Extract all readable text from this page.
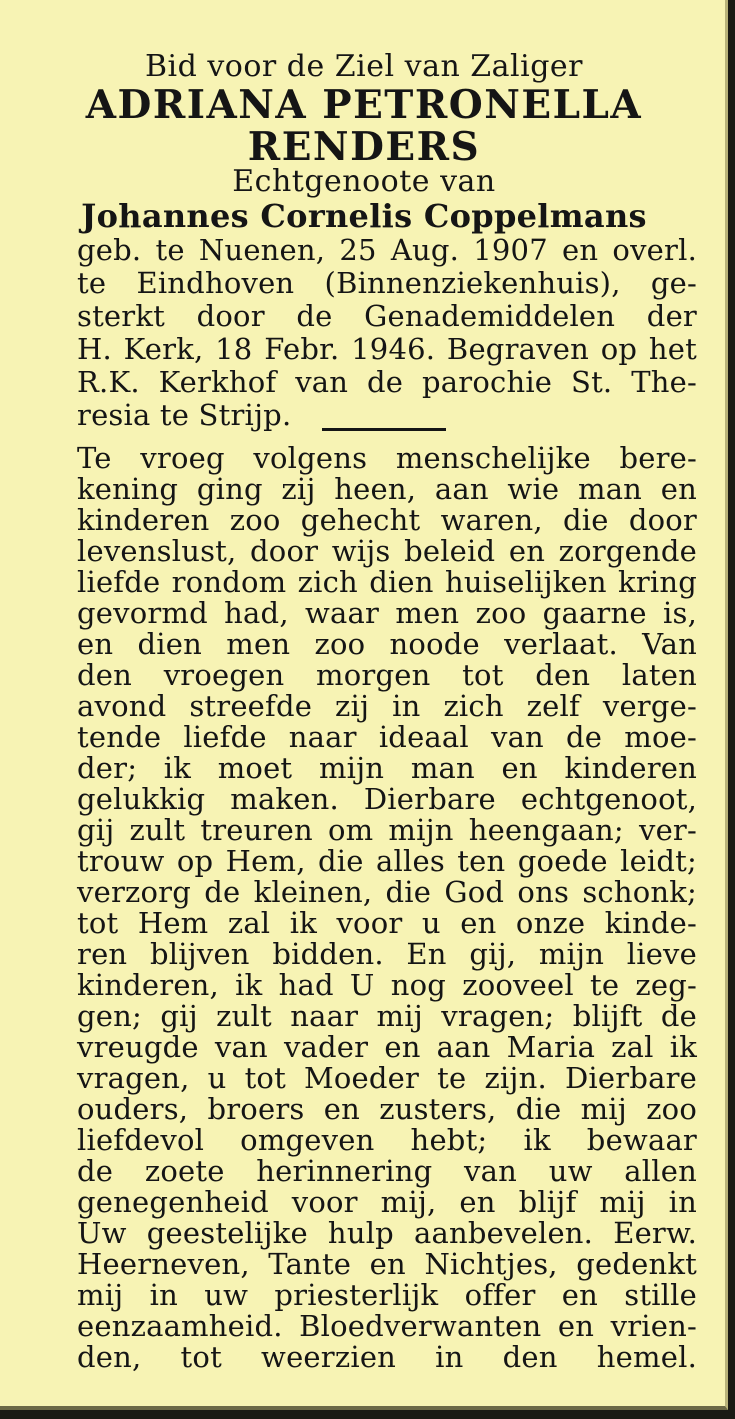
Bid voor de Ziel van Zaliger
ADRIANA PETRONELLA
RENDERS
Echtgenoote van
Johannes Cornelis Coppelmans
geb. te Nuenen, 25 Aug. 1907 en overl.
te Eindhoven (Binnenziekenhuis), ge-
sterkt door de Genademiddelen der
H. Kerk, 18 Febr. 1946. Begraven op het
R.K. Kerkhof van de parochie St. The-
resia te Strijp.
Te vroeg volgens menschelijke bere-
kening ging zij heen, aan wie man en
kinderen zoo gehecht waren, die door
levenslust, door wijs beleid en zorgende
liefde rondom zich dien huiselijken kring
gevormd had, waar men zoo gaarne is,
en dien men zoo noode verlaat. Van
den vroegen morgen tot den laten
avond streefde zij in zich zelf verge-
tende liefde naar ideaal van de moe-
der; ik moet mijn man en kinderen
gelukkig maken. Dierbare echtgenoot,
gij zult treuren om mijn heengaan; ver-
trouw op Hem, die alles ten goede leidt;
verzorg de kleinen, die God ons schonk;
tot Hem zal ik voor u en onze kinde-
ren blijven bidden. En gij, mijn lieve
kinderen, ik had U nog zooveel te zeg-
gen; gij zult naar mij vragen; blijft de
vreugde van vader en aan Maria zal ik
vragen, u tot Moeder te zijn. Dierbare
ouders, broers en zusters, die mij zoo
liefdevol omgeven hebt; ik bewaar
de zoete herinnering van uw allen
genegenheid voor mij, en blijf mij in
Uw geestelijke hulp aanbevelen. Eerw.
Heerneven, Tante en Nichtjes, gedenkt
mij in uw priesterlijk offer en stille
eenzaamheid. Bloedverwanten en vrien-
den, tot weerzien in den hemel.
